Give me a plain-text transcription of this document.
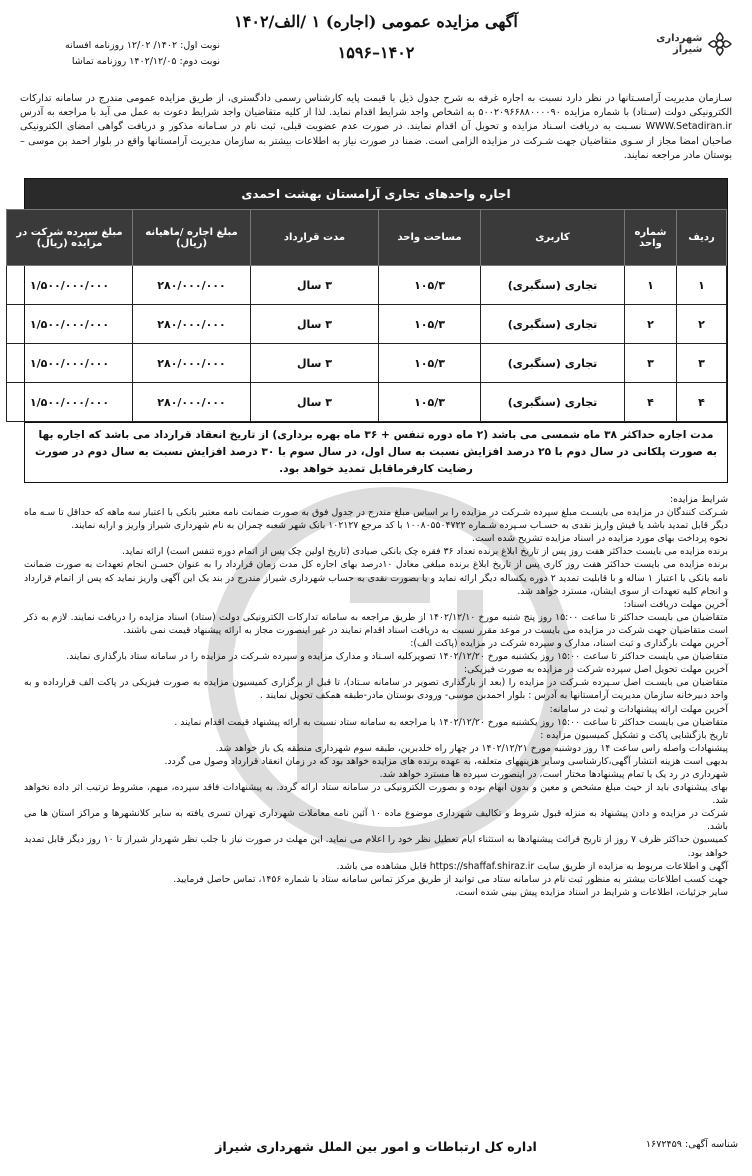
شهرداری شیراز
آگهی مزایده عمومی (اجاره) ۱ /الف/۱۴۰۲
۱۴۰۲–۱۵۹۶
نوبت اول: ۱۴۰۲/ ۱۲/۰۲ روزنامه افسانه
نوبت دوم: ۱۴۰۲/۱۲/۰۵ روزنامه تماشا
سـازمان مدیریت آرامسـتانها در نظر دارد نسبت به اجاره غرفه به شرح جدول ذیل با قیمت پایه کارشناس رسمی دادگستری، از طریق مزایده عمومی مندرج در سامانه تدارکات الکترونیکی دولت (سـتاد) با شماره مزایده ۵۰۰۲۰۹۶۶۸۸۰۰۰۰۹۰ به اشخاص واجد شرایط اقدام نماید. لذا از کلیه متقاضیان واجد شرایط دعوت به عمل می آید با مراجعه به آدرس WWW.Setadiran.ir نسـبت به دریافت اسـناد مزایده و تحویل آن اقدام نمایند. در صورت عدم عضویت قبلی، ثبت نام در سـامانه مذکور و دریافت گواهی امضای الکترونیکی صاحبان امضا مجاز از سـوی متقاضیان جهت شـرکت در مزایده الزامی است. ضمنا در صورت نیاز به اطلاعات بیشتر به سازمان مدیریت آرامستانها واقع در بلوار احمد بن موسی – بوستان مادر مراجعه نمایند.
اجاره واحدهای تجاری آرامستان بهشت احمدی
ردیف	شماره واحد	کاربری	مساحت واحد	مدت قرارداد	مبلغ اجاره /ماهیانه (ریال)	مبلغ سپرده شرکت در مزایده (ریال)
۱	۱	تجاری (سنگبری)	۱۰۵/۳	۳ سال	۲۸۰/۰۰۰/۰۰۰	۱/۵۰۰/۰۰۰/۰۰۰
۲	۲	تجاری (سنگبری)	۱۰۵/۳	۳ سال	۲۸۰/۰۰۰/۰۰۰	۱/۵۰۰/۰۰۰/۰۰۰
۳	۳	تجاری (سنگبری)	۱۰۵/۳	۳ سال	۲۸۰/۰۰۰/۰۰۰	۱/۵۰۰/۰۰۰/۰۰۰
۴	۴	تجاری (سنگبری)	۱۰۵/۳	۳ سال	۲۸۰/۰۰۰/۰۰۰	۱/۵۰۰/۰۰۰/۰۰۰
مدت اجاره حداکثر ۳۸ ماه شمسی می باشد (۲ ماه دوره تنفس + ۳۶ ماه بهره برداری) از تاریخ انعقاد قرارداد می باشد که اجاره بها به صورت پلکانی در سال دوم با ۲۵ درصد افزایش نسبت به سال اول، در سال سوم با ۳۰ درصد افزایش نسبت به سال دوم در صورت رضایت کارفرماقابل تمدید خواهد بود.

شرایط مزایده:

شـرکت کنندگان در مزایده می بایسـت مبلغ سپرده شـرکت در مزایده را بر اساس مبلغ مندرج در جدول فوق به صورت ضمانت نامه معتبر بانکی با اعتبار سه ماهه که حداقل تا سـه ماه دیگر قابل تمدید باشد یا فیش واریز نقدی به حسـاب سـپرده شـماره ۱۰۰۸۰۵۵۰۴۷۲۲ با کد مرجع ۱۰۲۱۲۷ بانک شهر شعبه چمران به نام شهرداری شیراز واریز و ارایه نمایند.

نحوه پرداخت بهای مورد مزایده در اسناد مزایده تشریح شده است.

برنده مزایده می بایست حداکثر هفت روز پس از تاریخ ابلاغ برنده تعداد ۳۶ فقره چک بانکی صیادی (تاریخ اولین چک پس از اتمام دوره تنفس است) ارائه نماید.

برنده مزایده می بایست حداکثر هفت روز کاری پس از تاریخ ابلاغ برنده مبلغی معادل ۱۰درصد بهای اجاره کل مدت زمان قرارداد را به عنوان حسـن انجام تعهدات به صورت ضمانت نامه بانکی با اعتبار ۱ ساله و با قابلیت تمدید ۲ دوره یکساله دیگر ارائه نماید و یا بصورت نقدی به حساب شهرداری شیراز مندرج در بند یک این آگهی واریز نماید که پس از اتمام قرارداد و انجام کلیه تعهدات از سوی ایشان، مسترد خواهد شد.

آخرین مهلت دریافت اسناد:

متقاضیان می بایست حداکثر تا ساعت ۱۵:۰۰ روز پنج شنبه مورخ ۱۴۰۲/۱۲/۱۰ از طریق مراجعه به سامانه تدارکات الکترونیکی دولت (ستاد) اسناد مزایده را دریافت نمایند. لازم به ذکر است متقاضیان جهت شرکت در مزایده می بایست در موعد مقرر نسبت به دریافت اسناد اقدام نمایند در غیر اینصورت مجاز به ارائه پیشنهاد قیمت نمی باشند.

آخرین مهلت بارگذاری و ثبت اسناد، مدارک و سپرده شرکت در مزایده (پاکت الف):

متقاضیان می بایست حداکثر تا ساعت ۱۵:۰۰ روز یکشنبه مورخ ۱۴۰۲/۱۲/۲۰ تصویرکلیه اسـناد و مدارک مزایده و سپرده شـرکت در مزایده را در سامانه ستاد بارگذاری نمایند.

آخرین مهلت تحویل اصل سپرده شرکت در مزایده به صورت فیزیکی:

متقاضیان می بایسـت اصل سـپرده شـرکت در مزایده را (بعد از بارگذاری تصویر در سامانه سـتاد)، تا قبل از برگزاری کمیسیون مزایده به صورت فیزیکی در پاکت الف قرارداده و به واحد دبیرخانه سازمان مدیریت آرامستانها به آدرس : بلوار احمدبن موسی- ورودی بوستان مادر-طبقه همکف تحویل نمایند .

آخرین مهلت ارائه پیشنهادات و ثبت در سامانه:

متقاضیان می بایست حداکثر تا ساعت ۱۵:۰۰ روز یکشنبه مورخ ۱۴۰۲/۱۲/۲۰ با مراجعه به سامانه ستاد نسبت به ارائه پیشنهاد قیمت اقدام نمایند .

تاریخ بازگشایی پاکت و تشکیل کمیسیون مزایده :

پیشنهادات واصله راس ساعت ۱۴ روز دوشنبه مورخ ۱۴۰۲/۱۲/۲۱ در چهار راه خلدبرین، طبقه سوم شهرداری منطقه یک باز خواهد شد.

بدیهی است هزینه انتشار آگهی،کارشناسی وسایر هزینههای متعلقه، به عهده برنده های مزایده خواهد بود که در زمان انعقاد قرارداد وصول می گردد.

شهرداری در رد یک یا تمام پیشنهادها مختار است، در اینصورت سپرده ها مسترد خواهد شد.

بهای پیشنهادی باید از حیث مبلغ مشخص و معین و بدون ابهام بوده و بصورت الکترونیکی در سامانه ستاد ارائه گردد. به پیشنهادات فاقد سپرده، مبهم، مشروط ترتیب اثر داده نخواهد شد.

شرکت در مزایده و دادن پیشنهاد به منزله قبول شروط و تکالیف شهرداری موضوع ماده ۱۰ آئین نامه معاملات شهرداری تهران تسری یافته به سایر کلانشهرها و مراکز استان ها می باشد.

کمیسیون حداکثر ظرف ۷ روز از تاریخ قرائت پیشنهادها به استثناء ایام تعطیل نظر خود را اعلام می نماید. این مهلت در صورت نیاز با جلب نظر شهردار شیراز تا ۱۰ روز دیگر قابل تمدید خواهد بود.

آگهی و اطلاعات مربوط به مزایده از طریق سایت https://shaffaf.shiraz.ir قابل مشاهده می باشد.

جهت کسب اطلاعات بیشتر به منظور ثبت نام در سامانه ستاد می توانید از طریق مرکز تماس سامانه ستاد با شماره ۱۴۵۶، تماس حاصل فرمایید.

سایر جزئیات، اطلاعات و شرایط در اسناد مزایده پیش بینی شده است.

شناسه آگهی: ۱۶۷۲۴۵۹
اداره کل ارتباطات و امور بین الملل شهرداری شیراز
